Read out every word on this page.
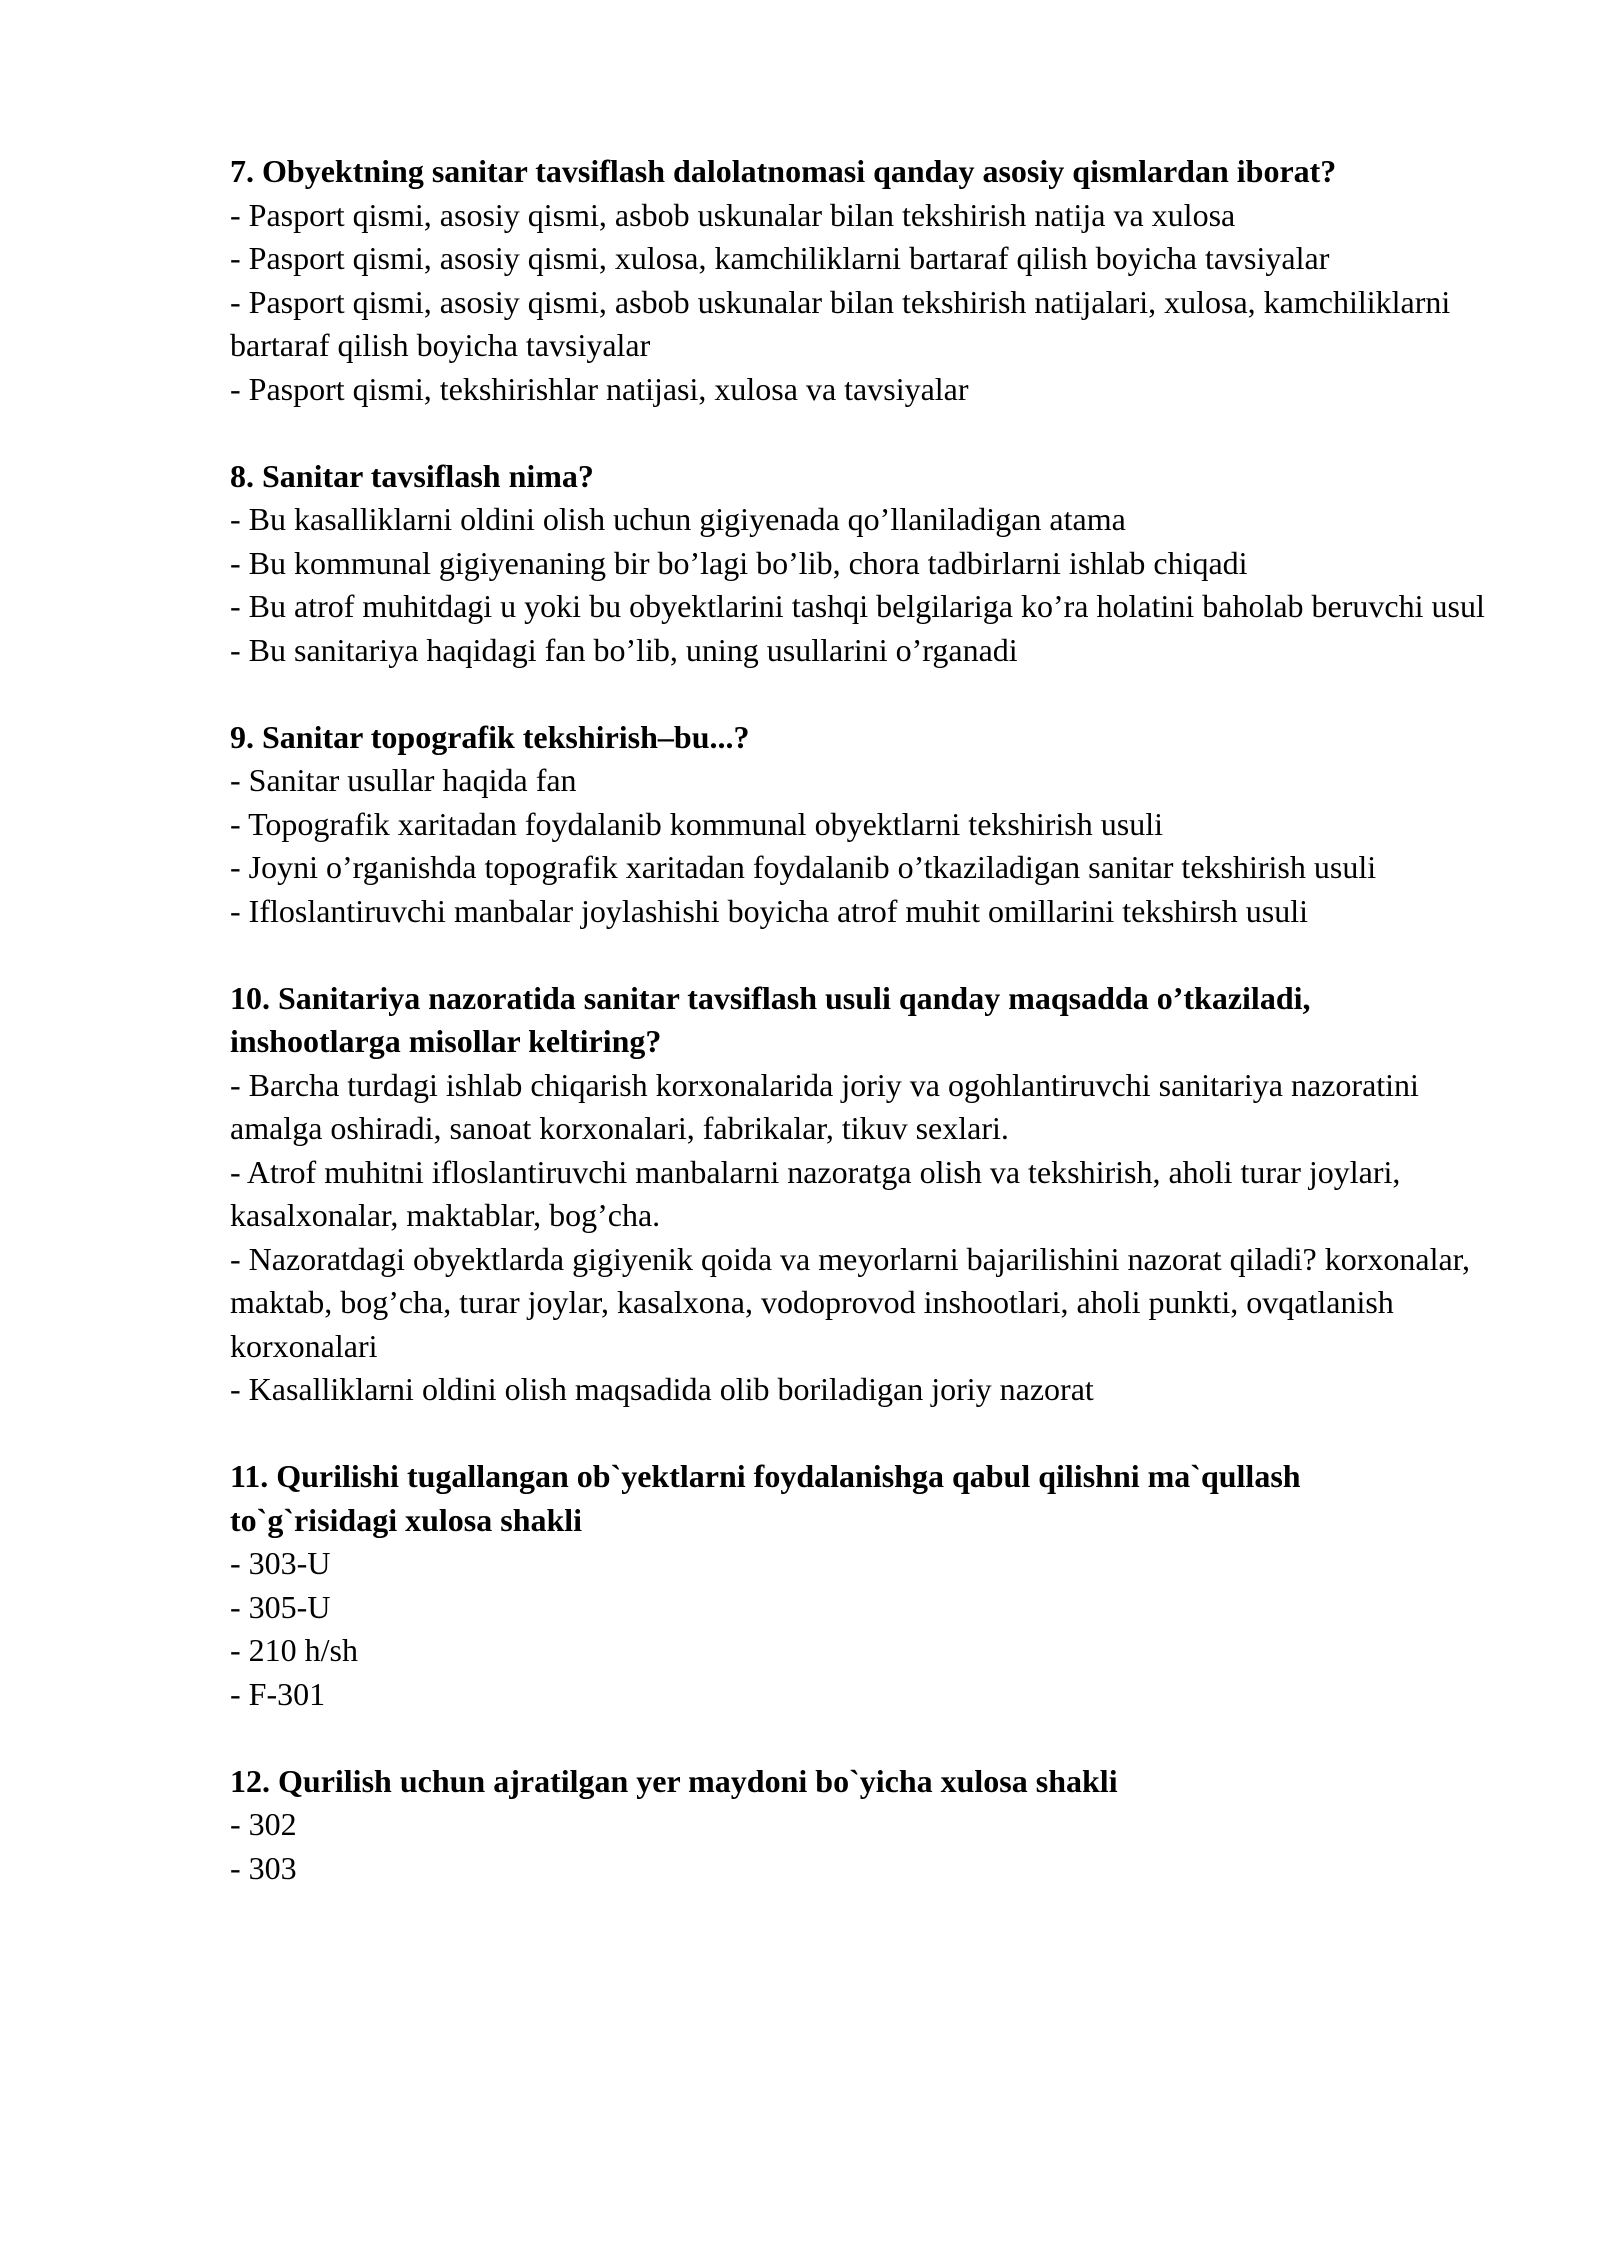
7. Obyektning sanitar tavsiflash dalolatnomasi qanday asosiy qismlardan iborat?
- Pasport qismi, asosiy qismi, asbob uskunalar bilan tekshirish natija va xulosa
- Pasport qismi, asosiy qismi, xulosa, kamchiliklarni bartaraf qilish boyicha tavsiyalar
- Pasport qismi, asosiy qismi, asbob uskunalar bilan tekshirish natijalari, xulosa, kamchiliklarni bartaraf qilish boyicha tavsiyalar
- Pasport qismi, tekshirishlar natijasi, xulosa va tavsiyalar
8. Sanitar tavsiflash nima?
- Bu kasalliklarni oldini olish uchun gigiyenada qo’llaniladigan atama
- Bu kommunal gigiyenaning bir bo’lagi bo’lib, chora tadbirlarni ishlab chiqadi
- Bu atrof muhitdagi u yoki bu obyektlarini tashqi belgilariga ko’ra holatini baholab beruvchi usul
- Bu sanitariya haqidagi fan bo’lib, uning usullarini o’rganadi
9. Sanitar topografik tekshirish–bu...?
- Sanitar usullar haqida fan
- Topografik xaritadan foydalanib kommunal obyektlarni tekshirish usuli
- Joyni o’rganishda topografik xaritadan foydalanib o’tkaziladigan sanitar tekshirish usuli
- Ifloslantiruvchi manbalar joylashishi boyicha atrof muhit omillarini tekshirsh usuli
10. Sanitariya nazoratida sanitar tavsiflash usuli qanday maqsadda o’tkaziladi, inshootlarga misollar keltiring?
- Barcha turdagi ishlab chiqarish korxonalarida joriy va ogohlantiruvchi sanitariya nazoratini amalga oshiradi, sanoat korxonalari, fabrikalar, tikuv sexlari.
- Atrof muhitni ifloslantiruvchi manbalarni nazoratga olish va tekshirish, aholi turar joylari, kasalxonalar, maktablar, bog’cha.
- Nazoratdagi obyektlarda gigiyenik qoida va meyorlarni bajarilishini nazorat qiladi? korxonalar, maktab, bog’cha, turar joylar, kasalxona, vodoprovod inshootlari, aholi punkti, ovqatlanish korxonalari
- Kasalliklarni oldini olish maqsadida olib boriladigan joriy nazorat
11. Qurilishi tugallangan ob`yektlarni foydalanishga qabul qilishni ma`qullash to`g`risidagi xulosa shakli
- 303-U
- 305-U
- 210 h/sh
- F-301
12. Qurilish uchun ajratilgan yer maydoni bo`yicha xulosa shakli
- 302
- 303
